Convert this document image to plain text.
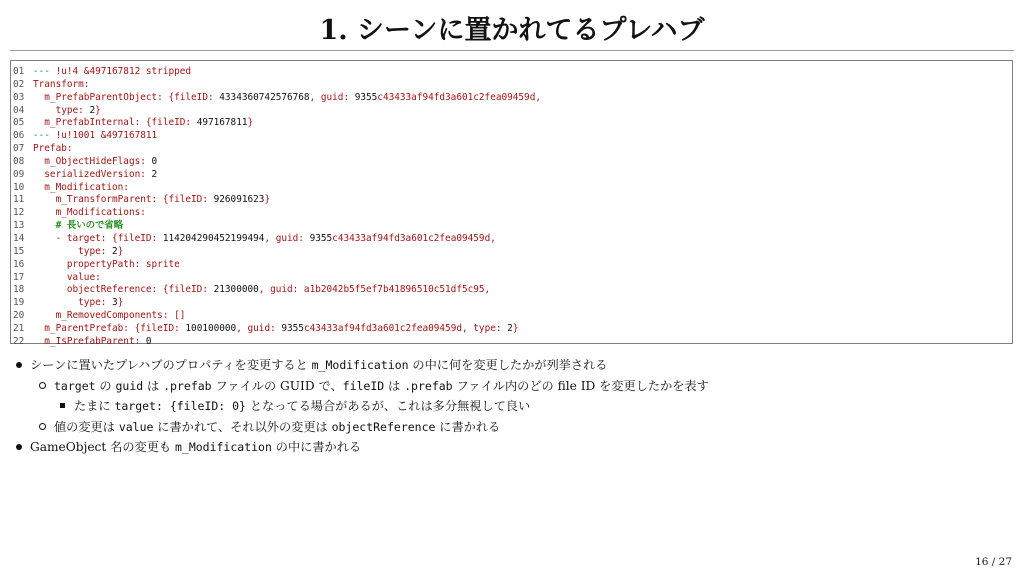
1. シーンに置かれてるプレハブ
01 --- !u!4 &497167812 stripped
02 Transform:
03  m_PrefabParentObject: {fileID: 4334360742576768, guid: 9355c43433af94fd3a601c2fea09459d,
04    type: 2}
05  m_PrefabInternal: {fileID: 497167811}
06 --- !u!1001 &497167811
07 Prefab:
08  m_ObjectHideFlags: 0
09  serializedVersion: 2
10  m_Modification:
11    m_TransformParent: {fileID: 926091623}
12    m_Modifications:
13    # 長いので省略
14    - target: {fileID: 114204290452199494, guid: 9355c43433af94fd3a601c2fea09459d,
15        type: 2}
16      propertyPath: sprite
17      value:
18      objectReference: {fileID: 21300000, guid: a1b2042b5f5ef7b41896510c51df5c95,
19        type: 3}
20    m_RemovedComponents: []
21  m_ParentPrefab: {fileID: 100100000, guid: 9355c43433af94fd3a601c2fea09459d, type: 2}
22  m_IsPrefabParent: 0
シーンに置いたプレハブのプロパティを変更すると m_Modification の中に何を変更したかが列挙される
target の guid は .prefab ファイルの GUID で、fileID は .prefab ファイル内のどの file ID を変更したかを表す
たまに target: {fileID: 0} となってる場合があるが、これは多分無視して良い
値の変更は value に書かれて、それ以外の変更は objectReference に書かれる
GameObject 名の変更も m_Modification の中に書かれる
16 / 27
